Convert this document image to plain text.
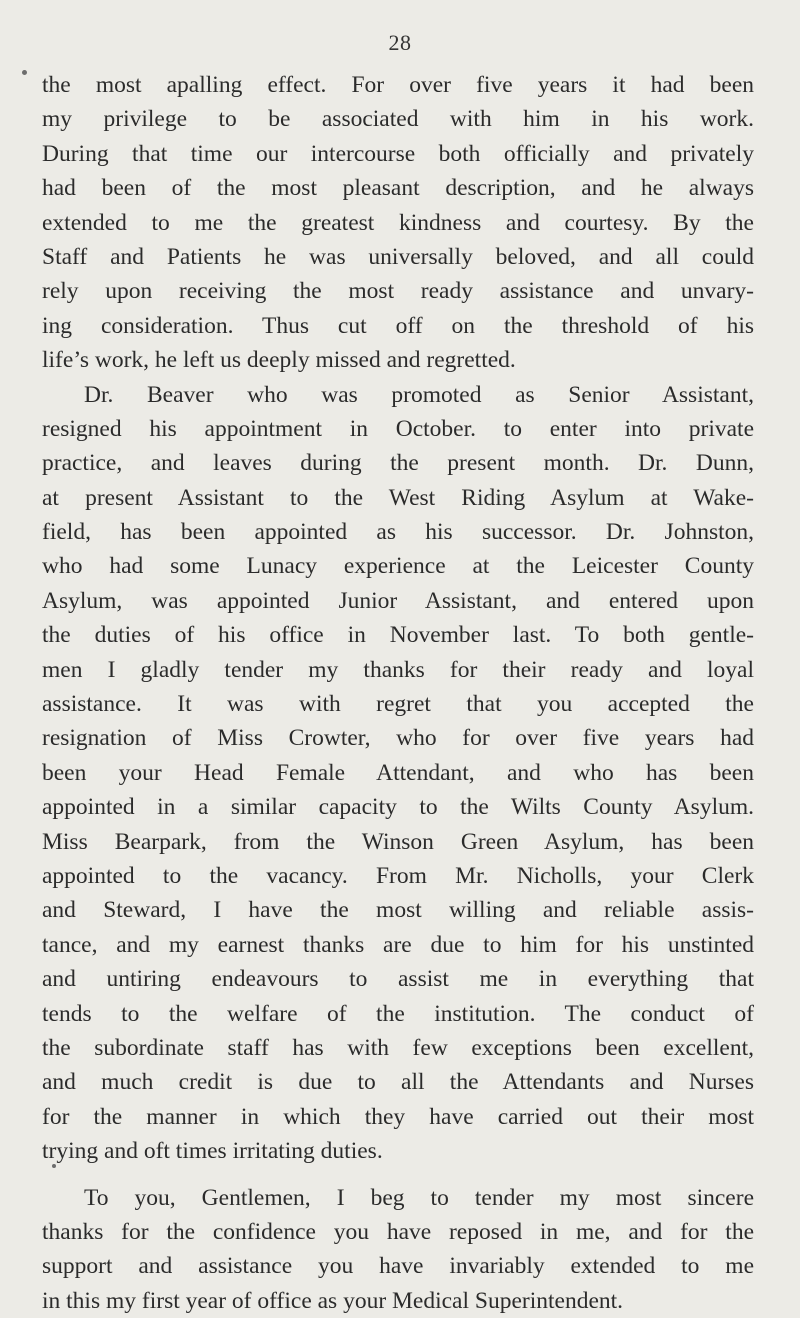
28
the most apalling effect. For over five years it had been
my privilege to be associated with him in his work.
During that time our intercourse both officially and privately
had been of the most pleasant description, and he always
extended to me the greatest kindness and courtesy. By the
Staff and Patients he was universally beloved, and all could
rely upon receiving the most ready assistance and unvary-
ing consideration. Thus cut off on the threshold of his
life’s work, he left us deeply missed and regretted.
Dr. Beaver who was promoted as Senior Assistant,
resigned his appointment in October. to enter into private
practice, and leaves during the present month. Dr. Dunn,
at present Assistant to the West Riding Asylum at Wake-
field, has been appointed as his successor. Dr. Johnston,
who had some Lunacy experience at the Leicester County
Asylum, was appointed Junior Assistant, and entered upon
the duties of his office in November last. To both gentle-
men I gladly tender my thanks for their ready and loyal
assistance. It was with regret that you accepted the
resignation of Miss Crowter, who for over five years had
been your Head Female Attendant, and who has been
appointed in a similar capacity to the Wilts County Asylum.
Miss Bearpark, from the Winson Green Asylum, has been
appointed to the vacancy. From Mr. Nicholls, your Clerk
and Steward, I have the most willing and reliable assis-
tance, and my earnest thanks are due to him for his unstinted
and untiring endeavours to assist me in everything that
tends to the welfare of the institution. The conduct of
the subordinate staff has with few exceptions been excellent,
and much credit is due to all the Attendants and Nurses
for the manner in which they have carried out their most
trying and oft times irritating duties.
To you, Gentlemen, I beg to tender my most sincere
thanks for the confidence you have reposed in me, and for the
support and assistance you have invariably extended to me
in this my first year of office as your Medical Superintendent.
